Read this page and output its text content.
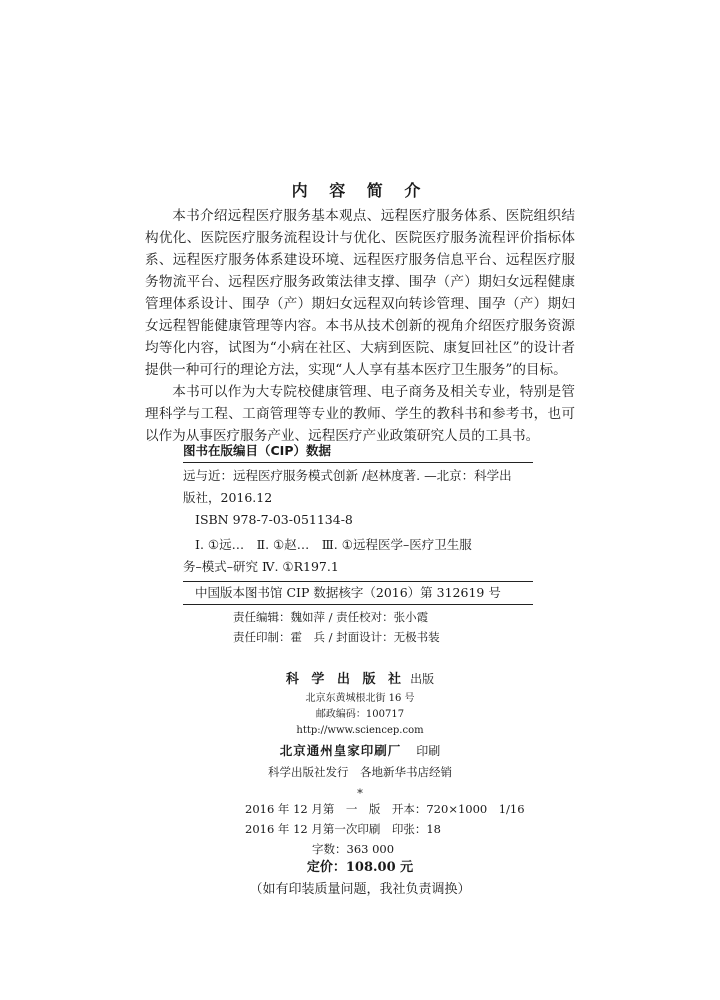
内 容 简 介

本书介绍远程医疗服务基本观点、远程医疗服务体系、医院组织结构优化、医院医疗服务流程设计与优化、医院医疗服务流程评价指标体系、远程医疗服务体系建设环境、远程医疗服务信息平台、远程医疗服务物流平台、远程医疗服务政策法律支撑、围孕（产）期妇女远程健康管理体系设计、围孕（产）期妇女远程双向转诊管理、围孕（产）期妇女远程智能健康管理等内容。本书从技术创新的视角介绍医疗服务资源均等化内容，试图为“小病在社区、大病到医院、康复回社区”的设计者提供一种可行的理论方法，实现“人人享有基本医疗卫生服务”的目标。

本书可以作为大专院校健康管理、电子商务及相关专业，特别是管理科学与工程、工商管理等专业的教师、学生的教科书和参考书，也可以作为从事医疗服务产业、远程医疗产业政策研究人员的工具书。

图书在版编目（CIP）数据
远与近：远程医疗服务模式创新 /赵林度著. —北京：科学出
版社，2016.12
ISBN 978-7-03-051134-8
Ⅰ. ①远…　Ⅱ. ①赵…　Ⅲ. ①远程医学–医疗卫生服
务–模式–研究 Ⅳ. ①R197.1
中国版本图书馆 CIP 数据核字（2016）第 312619 号
责任编辑：魏如萍 / 责任校对：张小霞
责任印制：霍　兵 / 封面设计：无极书装
科 学 出 版 社 出版
北京东黄城根北街 16 号
邮政编码：100717
http://www.sciencep.com
北京通州皇家印刷厂 印刷
科学出版社发行　各地新华书店经销
*
2016 年 12 月第　一　版　开本：720×1000　1/16
2016 年 12 月第一次印刷　印张：18
字数：363 000
定价：108.00 元
（如有印装质量问题，我社负责调换）
